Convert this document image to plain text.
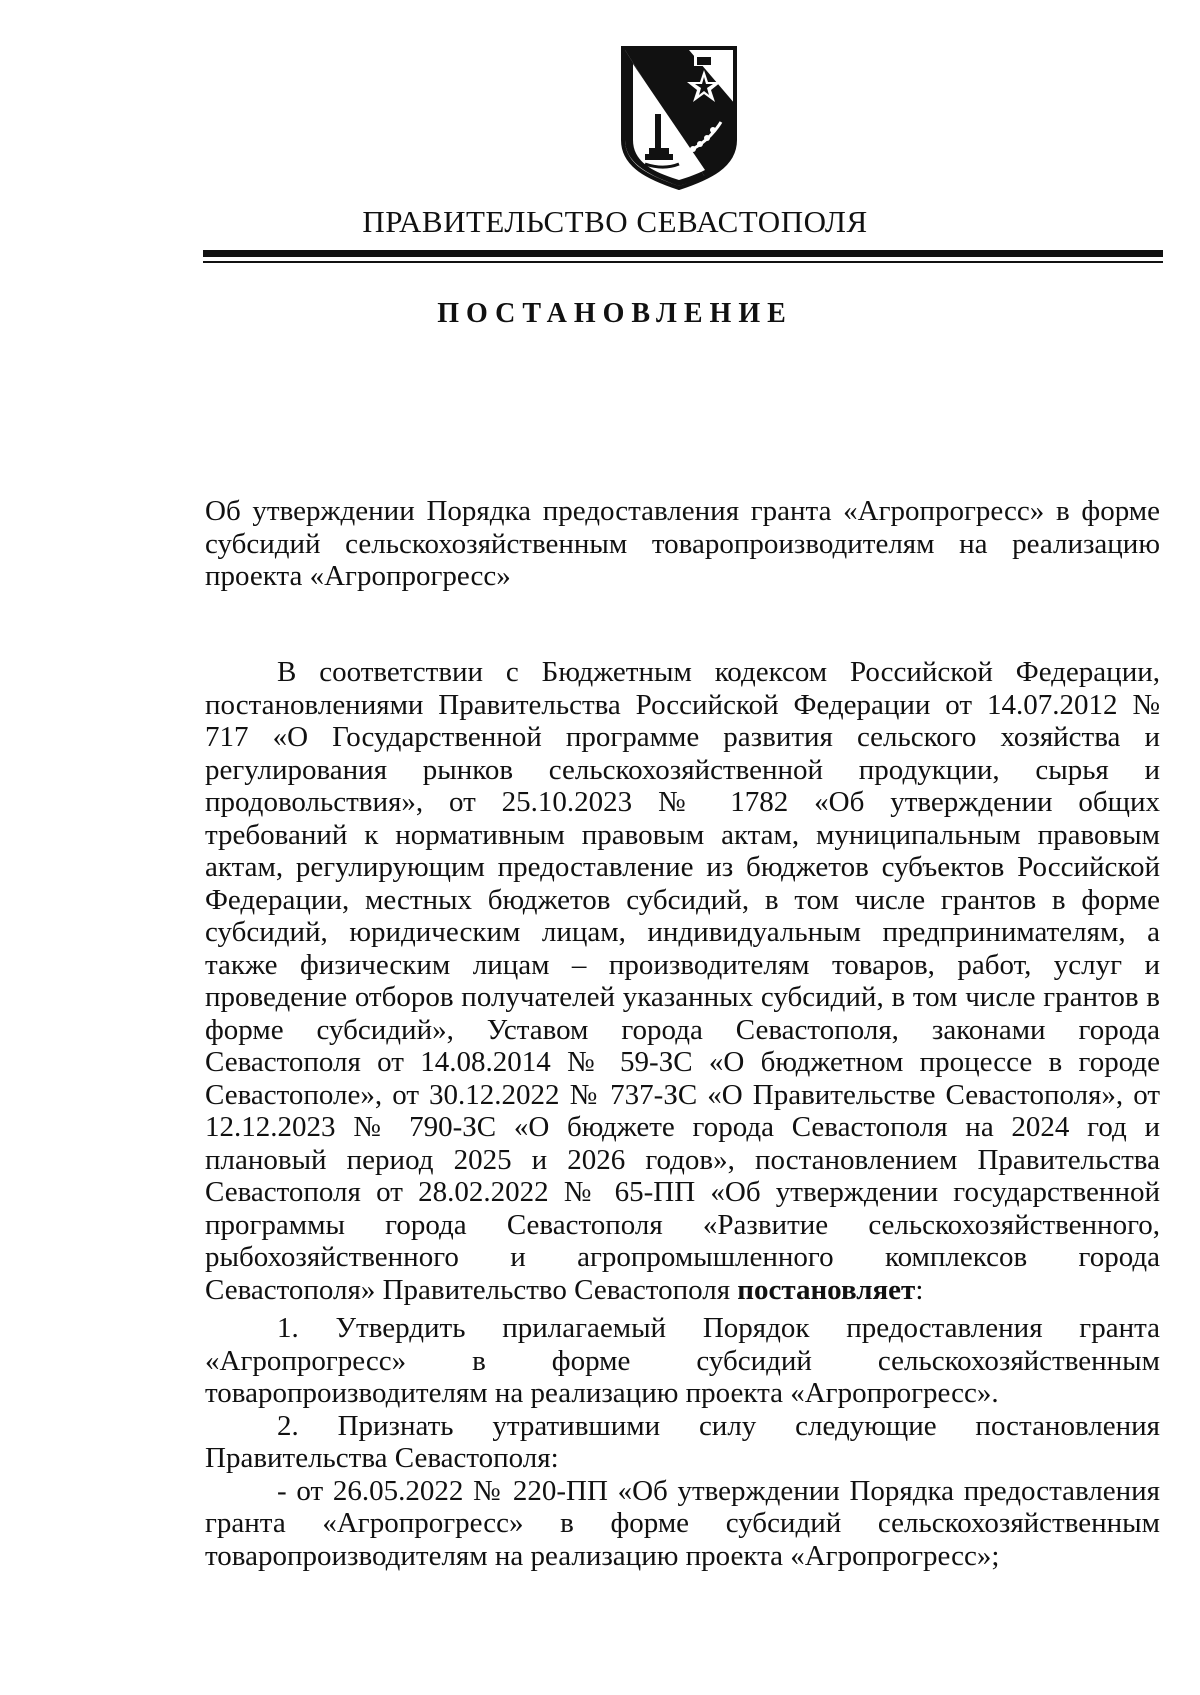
ПРАВИТЕЛЬСТВО СЕВАСТОПОЛЯ
ПОСТАНОВЛЕНИЕ

Об утверждении Порядка предоставления гранта «Агропрогресс» в форме субсидий сельскохозяйственным товаропроизводителям на реализацию проекта «Агропрогресс»

В соответствии с Бюджетным кодексом Российской Федерации, постановлениями Правительства Российской Федерации от 14.07.2012 № 717 «О Государственной программе развития сельского хозяйства и регулирования рынков сельскохозяйственной продукции, сырья и продовольствия», от 25.10.2023 № 1782 «Об утверждении общих требований к нормативным правовым актам, муниципальным правовым актам, регулирующим предоставление из бюджетов субъектов Российской Федерации, местных бюджетов субсидий, в том числе грантов в форме субсидий, юридическим лицам, индивидуальным предпринимателям, а также физическим лицам – производителям товаров, работ, услуг и проведение отборов получателей указанных субсидий, в том числе грантов в форме субсидий», Уставом города Севастополя, законами города Севастополя от 14.08.2014 № 59-ЗС «О бюджетном процессе в городе Севастополе», от 30.12.2022 № 737-ЗС «О Правительстве Севастополя», от 12.12.2023 № 790-ЗС «О бюджете города Севастополя на 2024 год и плановый период 2025 и 2026 годов», постановлением Правительства Севастополя от 28.02.2022 № 65-ПП «Об утверждении государственной программы города Севастополя «Развитие сельскохозяйственного, рыбохозяйственного и агропромышленного комплексов города Севастополя» Правительство Севастополя постановляет:

1. Утвердить прилагаемый Порядок предоставления гранта «Агропрогресс» в форме субсидий сельскохозяйственным товаропроизводителям на реализацию проекта «Агропрогресс».

2. Признать утратившими силу следующие постановления Правительства Севастополя:

- от 26.05.2022 № 220-ПП «Об утверждении Порядка предоставления гранта «Агропрогресс» в форме субсидий сельскохозяйственным товаропроизводителям на реализацию проекта «Агропрогресс»;
